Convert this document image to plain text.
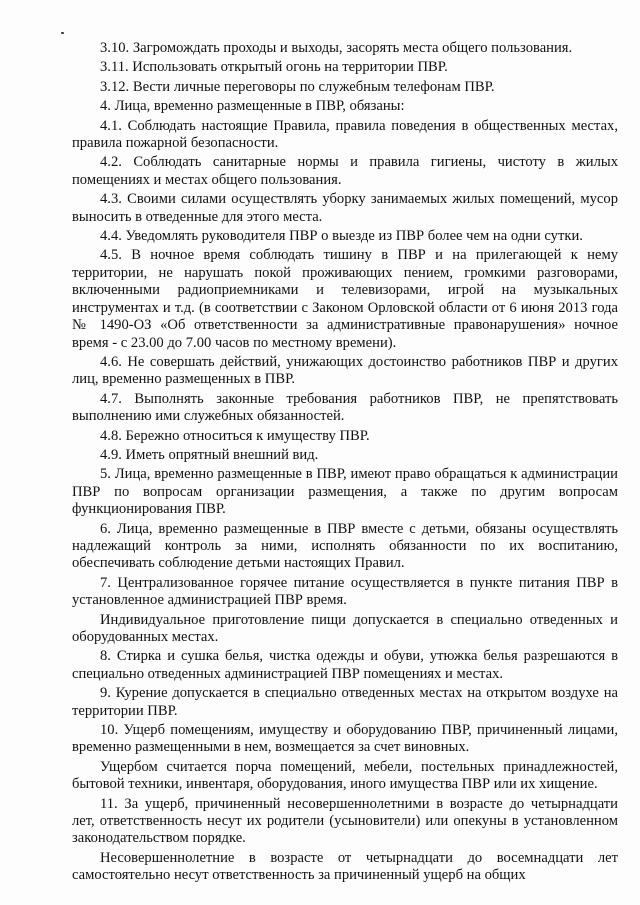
3.10. Загромождать проходы и выходы, засорять места общего пользования.

3.11. Использовать открытый огонь на территории ПВР.

3.12. Вести личные переговоры по служебным телефонам ПВР.

4. Лица, временно размещенные в ПВР, обязаны:

4.1. Соблюдать настоящие Правила, правила поведения в общественных местах, правила пожарной безопасности.

4.2. Соблюдать санитарные нормы и правила гигиены, чистоту в жилых помещениях и местах общего пользования.

4.3. Своими силами осуществлять уборку занимаемых жилых помещений, мусор выносить в отведенные для этого места.

4.4. Уведомлять руководителя ПВР о выезде из ПВР более чем на одни сутки.

4.5. В ночное время соблюдать тишину в ПВР и на прилегающей к нему территории, не нарушать покой проживающих пением, громкими разговорами, включенными радиоприемниками и телевизорами, игрой на музыкальных инструментах и т.д. (в соответствии с Законом Орловской области от 6 июня 2013 года № 1490-ОЗ «Об ответственности за административные правонарушения» ночное время - с 23.00 до 7.00 часов по местному времени).

4.6. Не совершать действий, унижающих достоинство работников ПВР и других лиц, временно размещенных в ПВР.

4.7. Выполнять законные требования работников ПВР, не препятствовать выполнению ими служебных обязанностей.

4.8. Бережно относиться к имуществу ПВР.

4.9. Иметь опрятный внешний вид.

5. Лица, временно размещенные в ПВР, имеют право обращаться к администрации ПВР по вопросам организации размещения, а также по другим вопросам функционирования ПВР.

6. Лица, временно размещенные в ПВР вместе с детьми, обязаны осуществлять надлежащий контроль за ними, исполнять обязанности по их воспитанию, обеспечивать соблюдение детьми настоящих Правил.

7. Централизованное горячее питание осуществляется в пункте питания ПВР в установленное администрацией ПВР время.

Индивидуальное приготовление пищи допускается в специально отведенных и оборудованных местах.

8. Стирка и сушка белья, чистка одежды и обуви, утюжка белья разрешаются в специально отведенных администрацией ПВР помещениях и местах.

9. Курение допускается в специально отведенных местах на открытом воздухе на территории ПВР.

10. Ущерб помещениям, имуществу и оборудованию ПВР, причиненный лицами, временно размещенными в нем, возмещается за счет виновных.

Ущербом считается порча помещений, мебели, постельных принадлежностей, бытовой техники, инвентаря, оборудования, иного имущества ПВР или их хищение.

11. За ущерб, причиненный несовершеннолетними в возрасте до четырнадцати лет, ответственность несут их родители (усыновители) или опекуны в установленном законодательством порядке.

Несовершеннолетние в возрасте от четырнадцати до восемнадцати лет самостоятельно несут ответственность за причиненный ущерб на общих
